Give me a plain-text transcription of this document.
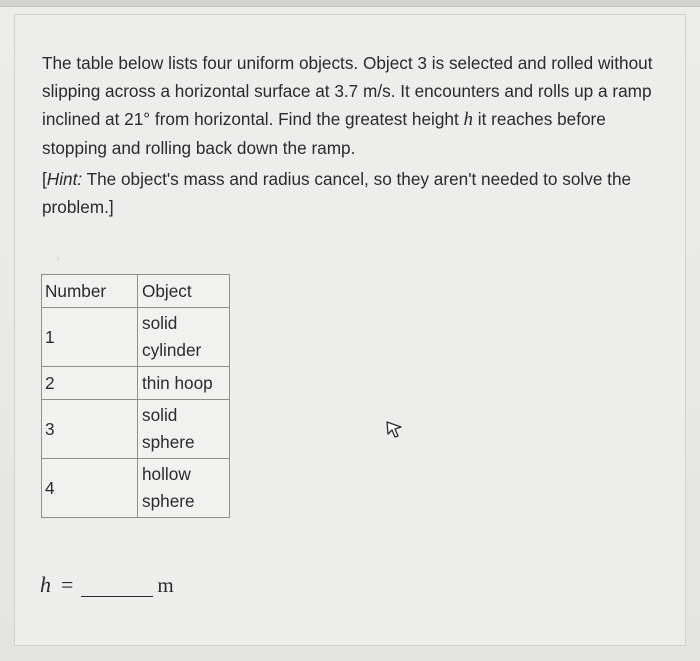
The table below lists four uniform objects. Object 3 is selected and rolled without slipping across a horizontal surface at 3.7 m/s. It encounters and rolls up a ramp inclined at 21° from horizontal. Find the greatest height h it reaches before stopping and rolling back down the ramp.

[Hint: The object's mass and radius cancel, so they aren't needed to solve the problem.]

›
Number	Object
1	solid
cylinder
2	thin hoop
3	solid
sphere
4	hollow
sphere
h =	m
